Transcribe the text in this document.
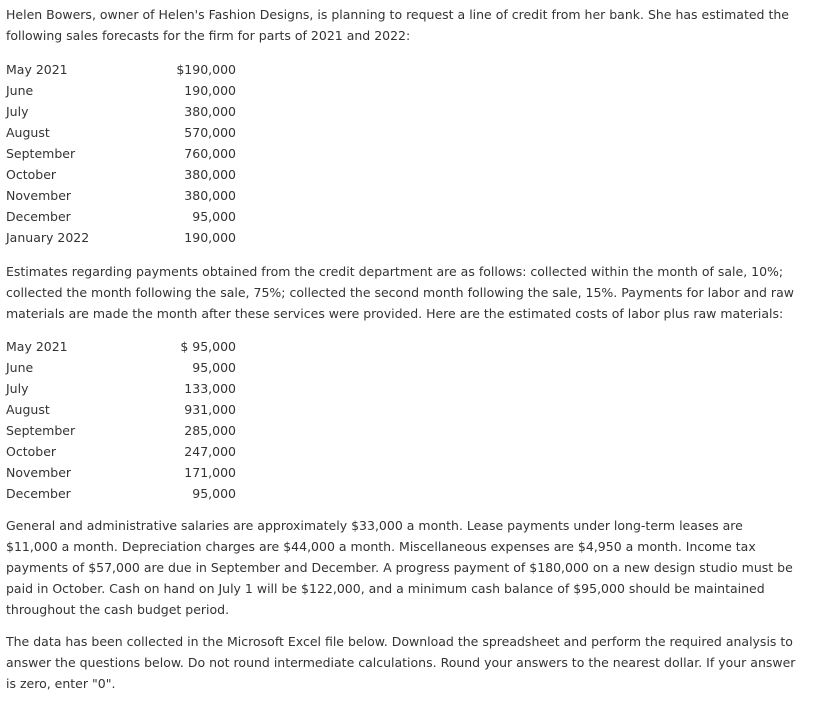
Helen Bowers, owner of Helen's Fashion Designs, is planning to request a line of credit from her bank. She has estimated the following sales forecasts for the firm for parts of 2021 and 2022:

May 2021	$190,000
June	190,000
July	380,000
August	570,000
September	760,000
October	380,000
November	380,000
December	95,000
January 2022	190,000

Estimates regarding payments obtained from the credit department are as follows: collected within the month of sale, 10%; collected the month following the sale, 75%; collected the second month following the sale, 15%. Payments for labor and raw materials are made the month after these services were provided. Here are the estimated costs of labor plus raw materials:

May 2021	$ 95,000
June	95,000
July	133,000
August	931,000
September	285,000
October	247,000
November	171,000
December	95,000

General and administrative salaries are approximately $33,000 a month. Lease payments under long-term leases are $11,000 a month. Depreciation charges are $44,000 a month. Miscellaneous expenses are $4,950 a month. Income tax payments of $57,000 are due in September and December. A progress payment of $180,000 on a new design studio must be paid in October. Cash on hand on July 1 will be $122,000, and a minimum cash balance of $95,000 should be maintained throughout the cash budget period.

The data has been collected in the Microsoft Excel file below. Download the spreadsheet and perform the required analysis to answer the questions below. Do not round intermediate calculations. Round your answers to the nearest dollar. If your answer is zero, enter "0".
